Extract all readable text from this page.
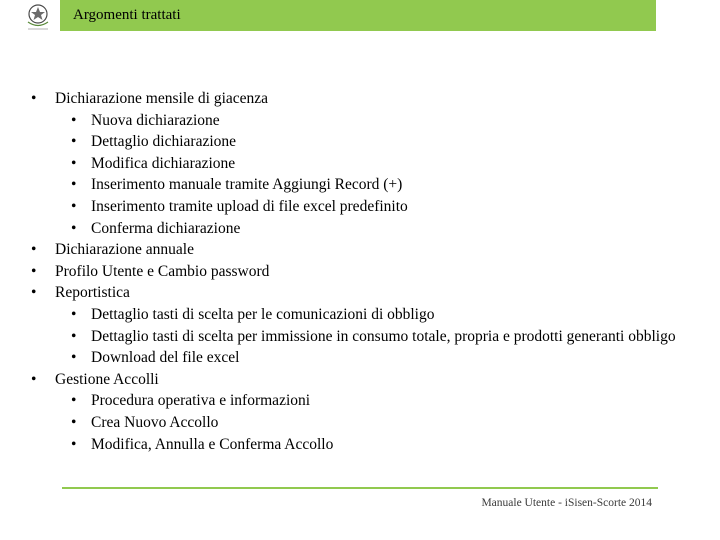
Argomenti trattati
• Dichiarazione mensile di giacenza
• Nuova dichiarazione
• Dettaglio dichiarazione
• Modifica dichiarazione
• Inserimento manuale tramite Aggiungi Record (+)
• Inserimento tramite upload di file excel predefinito
• Conferma dichiarazione
• Dichiarazione annuale
• Profilo Utente e Cambio password
• Reportistica
• Dettaglio tasti di scelta per le comunicazioni di obbligo
• Dettaglio tasti di scelta per immissione in consumo totale, propria e prodotti generanti obbligo
• Download del file excel
• Gestione Accolli
• Procedura operativa e informazioni
• Crea Nuovo Accollo
• Modifica, Annulla e Conferma Accollo
Manuale Utente - iSisen-Scorte 2014
